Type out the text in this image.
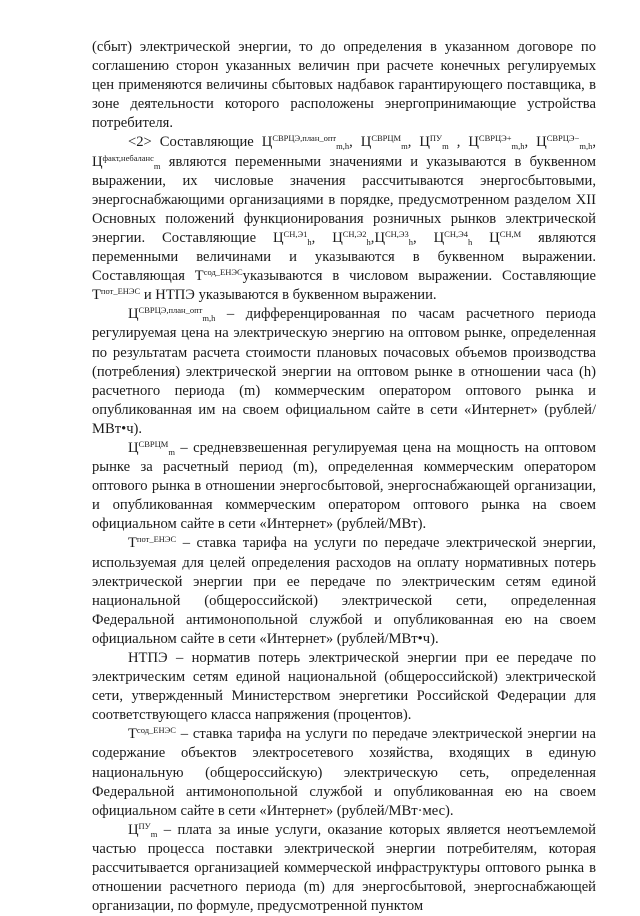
(сбыт) электрической энергии, то до определения в указанном договоре по соглашению сторон указанных величин при расчете конечных регулируемых цен применяются величины сбытовых надбавок гарантирующего поставщика, в зоне деятельности которого расположены энергопринимающие устройства потребителя.

<2> Составляющие $Ц^{СВРЦЭ,план\_опт}_{m,h}$, $Ц^{СВРЦМ}_m$, $Ц^{ПУ}_m$ , $Ц^{СВРЦЭ+}_{m,h}$, $Ц^{СВРЦЭ-}_{m,h}$, $Ц^{факт,небаланс}_m$ являются переменными значениями и указываются в буквенном выражении, их числовые значения рассчитываются энергосбытовыми, энергоснабжающими организациями в порядке, предусмотренном разделом XII Основных положений функционирования розничных рынков электрической энергии. Составляющие $Ц^{СН,Э1}_h$, $Ц^{СН,Э2}_h,Ц^{СН,Э3}_h$, $Ц^{СН,Э4}_h$ $Ц^{СН,М}$ являются переменными величинами и указываются в буквенном выражении. Составляющая $Т^{сод\_ЕНЭС}указываются$ в числовом выражении. Составляющие $Т^{пот\_ЕНЭС}$ и НТПЭ указываются в буквенном выражении.

$Ц^{СВРЦЭ,план\_опт}_{m,h}$ – дифференцированная по часам расчетного периода регулируемая цена на электрическую энергию на оптовом рынке, определенная по результатам расчета стоимости плановых почасовых объемов производства (потребления) электрической энергии на оптовом рынке в отношении часа (h) расчетного периода (m) коммерческим оператором оптового рынка и опубликованная им на своем официальном сайте в сети «Интернет» (рублей/МВт•ч).

$Ц^{СВРЦМ}_m$ – средневзвешенная регулируемая цена на мощность на оптовом рынке за расчетный период (m), определенная коммерческим оператором оптового рынка в отношении энергосбытовой, энергоснабжающей организации, и опубликованная коммерческим оператором оптового рынка на своем официальном сайте в сети «Интернет» (рублей/МВт).

$Т^{пот\_ЕНЭС}$ – ставка тарифа на услуги по передаче электрической энергии, используемая для целей определения расходов на оплату нормативных потерь электрической энергии при ее передаче по электрическим сетям единой национальной (общероссийской) электрической сети, определенная Федеральной антимонопольной службой и опубликованная ею на своем официальном сайте в сети «Интернет» (рублей/МВт•ч).

НТПЭ – норматив потерь электрической энергии при ее передаче по электрическим сетям единой национальной (общероссийской) электрической сети, утвержденный Министерством энергетики Российской Федерации для соответствующего класса напряжения (процентов).

$Т^{сод\_ЕНЭС}$ – ставка тарифа на услуги по передаче электрической энергии на содержание объектов электросетевого хозяйства, входящих в единую национальную (общероссийскую) электрическую сеть, определенная Федеральной антимонопольной службой и опубликованная ею на своем официальном сайте в сети «Интернет» (рублей/МВт·мес).

$Ц^{ПУ}_m$ – плата за иные услуги, оказание которых является неотъемлемой частью процесса поставки электрической энергии потребителям, которая рассчитывается организацией коммерческой инфраструктуры оптового рынка в отношении расчетного периода (m) для энергосбытовой, энергоснабжающей организации, по формуле, предусмотренной пунктом
